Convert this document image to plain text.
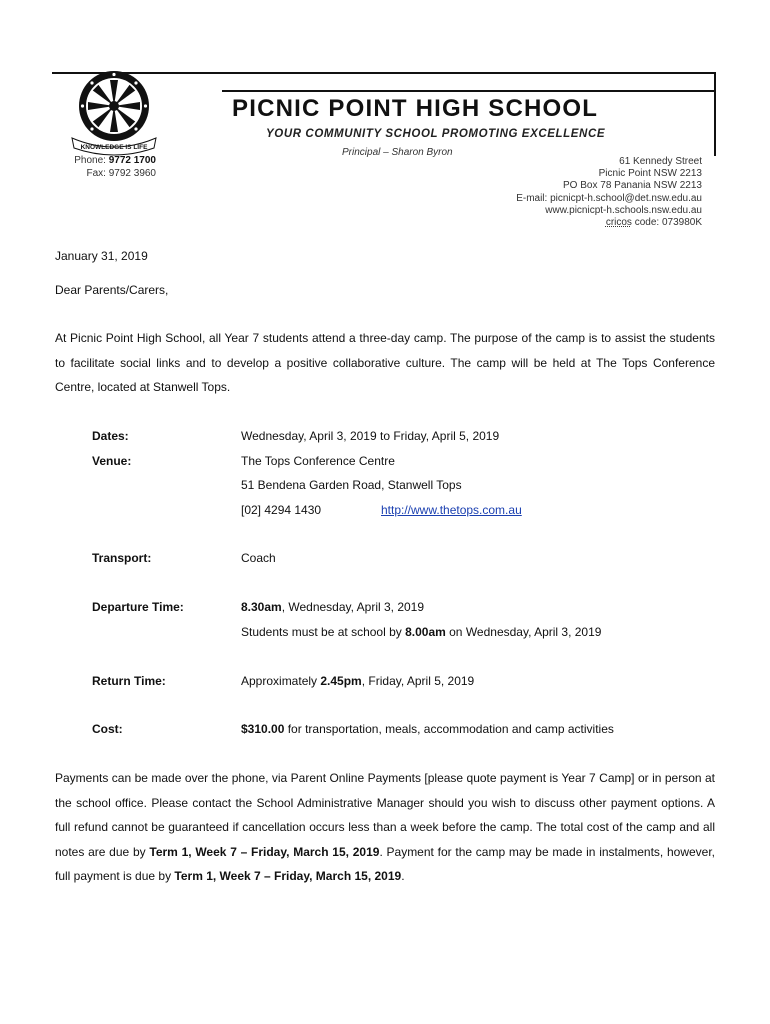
KNOWLEDGE IS LIFE
PICNIC POINT HIGH SCHOOL
YOUR COMMUNITY SCHOOL PROMOTING EXCELLENCE
Principal – Sharon Byron
Phone: 9772 1700
Fax: 9792 3960
61 Kennedy Street
Picnic Point NSW 2213
PO Box 78 Panania NSW 2213
E-mail: picnicpt-h.school@det.nsw.edu.au
www.picnicpt-h.schools.nsw.edu.au
cricos code: 073980K
January 31, 2019
Dear Parents/Carers,
At Picnic Point High School, all Year 7 students attend a three-day camp. The purpose of the camp is to assist the students to facilitate social links and to develop a positive collaborative culture. The camp will be held at The Tops Conference Centre, located at Stanwell Tops.
Dates:	Wednesday, April 3, 2019 to Friday, April 5, 2019
Venue:	The Tops Conference Centre
51 Bendena Garden Road, Stanwell Tops
[02] 4294 1430	http://www.thetops.com.au
Transport:	Coach
Departure Time:	8.30am, Wednesday, April 3, 2019
Students must be at school by 8.00am on Wednesday, April 3, 2019
Return Time:	Approximately 2.45pm, Friday, April 5, 2019
Cost:	$310.00 for transportation, meals, accommodation and camp activities
Payments can be made over the phone, via Parent Online Payments [please quote payment is Year 7 Camp] or in person at the school office. Please contact the School Administrative Manager should you wish to discuss other payment options. A full refund cannot be guaranteed if cancellation occurs less than a week before the camp. The total cost of the camp and all notes are due by Term 1, Week 7 – Friday, March 15, 2019. Payment for the camp may be made in instalments, however, full payment is due by Term 1, Week 7 – Friday, March 15, 2019.
